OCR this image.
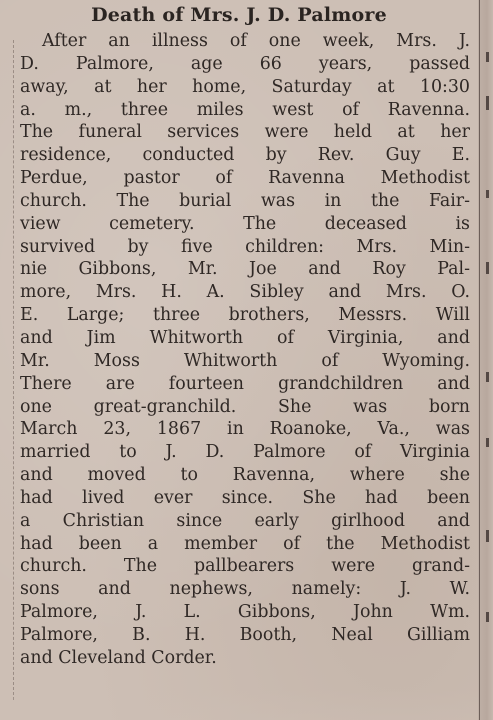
Death of Mrs. J. D. Palmore
After an illness of one week, Mrs. J.
D. Palmore, age 66 years, passed
away, at her home, Saturday at 10:30
a. m., three miles west of Ravenna.
The funeral services were held at her
residence, conducted by Rev. Guy E.
Perdue, pastor of Ravenna Methodist
church. The burial was in the Fair-
view cemetery. The deceased is
survived by five children: Mrs. Min-
nie Gibbons, Mr. Joe and Roy Pal-
more, Mrs. H. A. Sibley and Mrs. O.
E. Large; three brothers, Messrs. Will
and Jim Whitworth of Virginia, and
Mr. Moss Whitworth of Wyoming.
There are fourteen grandchildren and
one great-granchild. She was born
March 23, 1867 in Roanoke, Va., was
married to J. D. Palmore of Virginia
and moved to Ravenna, where she
had lived ever since. She had been
a Christian since early girlhood and
had been a member of the Methodist
church. The pallbearers were grand-
sons and nephews, namely: J. W.
Palmore, J. L. Gibbons, John Wm.
Palmore, B. H. Booth, Neal Gilliam
and Cleveland Corder.
